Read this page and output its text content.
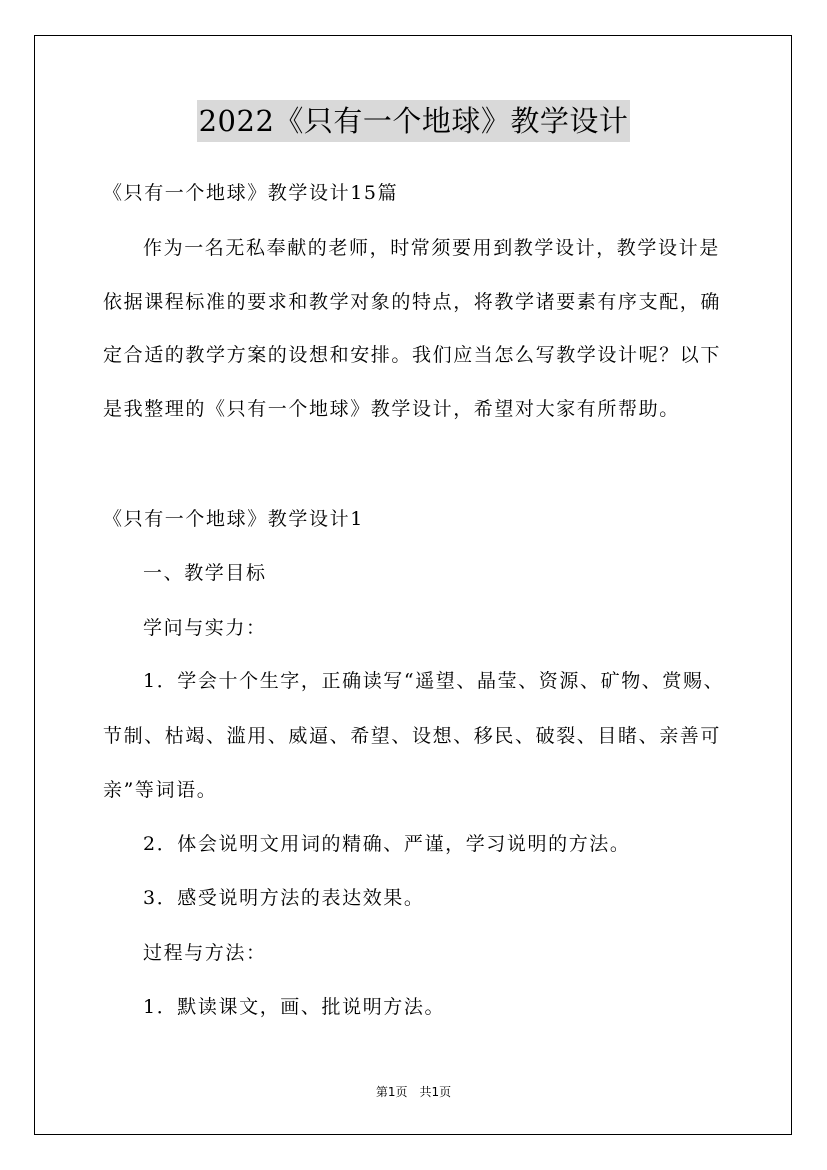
2022《只有一个地球》教学设计
《只有一个地球》教学设计15篇
作为一名无私奉献的老师，时常须要用到教学设计，教学设计是
依据课程标准的要求和教学对象的特点，将教学诸要素有序支配，确
定合适的教学方案的设想和安排。我们应当怎么写教学设计呢？以下
是我整理的《只有一个地球》教学设计，希望对大家有所帮助。
《只有一个地球》教学设计1
一、教学目标
学问与实力：
1．学会十个生字，正确读写“遥望、晶莹、资源、矿物、赏赐、
节制、枯竭、滥用、威逼、希望、设想、移民、破裂、目睹、亲善可
亲”等词语。
2．体会说明文用词的精确、严谨，学习说明的方法。
3．感受说明方法的表达效果。
过程与方法：
1．默读课文，画、批说明方法。
第1页　共1页
